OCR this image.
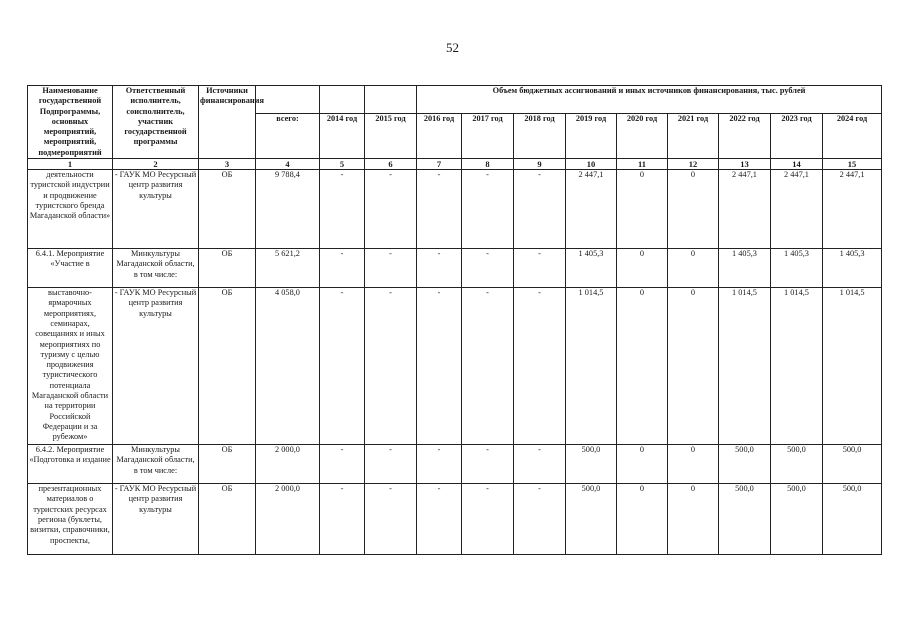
52
Наименование государственной Подпрограммы, основных мероприятий, мероприятий, подмероприятий	Ответственный исполнитель, соисполнитель, участник государственной программы	Источники финансирования				Объем бюджетных ассигнований и иных источников финансирования, тыс. рублей								
			всего:	2014 год	2015 год	2016 год	2017 год	2018 год	2019 год	2020 год	2021 год	2022 год	2023 год	2024 год
1	2	3	4	5	6	7	8	9	10	11	12	13	14	15
деятельности туристской индустрии и продвижение туристского бренда Магаданской области»	- ГАУК МО Ресурсный центр развития культуры	ОБ	9 788,4	-	-	-	-	-	2 447,1	0	0	2 447,1	2 447,1	2 447,1
6.4.1. Мероприятие «Участие в	Минкультуры Магаданской области, в том числе:	ОБ	5 621,2	-	-	-	-	-	1 405,3	0	0	1 405,3	1 405,3	1 405,3
выставочно-ярмарочных мероприятиях, семинарах, совещаниях и иных мероприятиях по туризму с целью продвижения туристического потенциала Магаданской области на территории Российской Федерации и за рубежом»	- ГАУК МО Ресурсный центр развития культуры	ОБ	4 058,0	-	-	-	-	-	1 014,5	0	0	1 014,5	1 014,5	1 014,5
6.4.2. Мероприятие «Подготовка и издание	Минкультуры Магаданской области, в том числе:	ОБ	2 000,0	-	-	-	-	-	500,0	0	0	500,0	500,0	500,0
презентационных материалов о туристских ресурсах региона (буклеты, визитки, справочники, проспекты,	- ГАУК МО Ресурсный центр развития культуры	ОБ	2 000,0	-	-	-	-	-	500,0	0	0	500,0	500,0	500,0
